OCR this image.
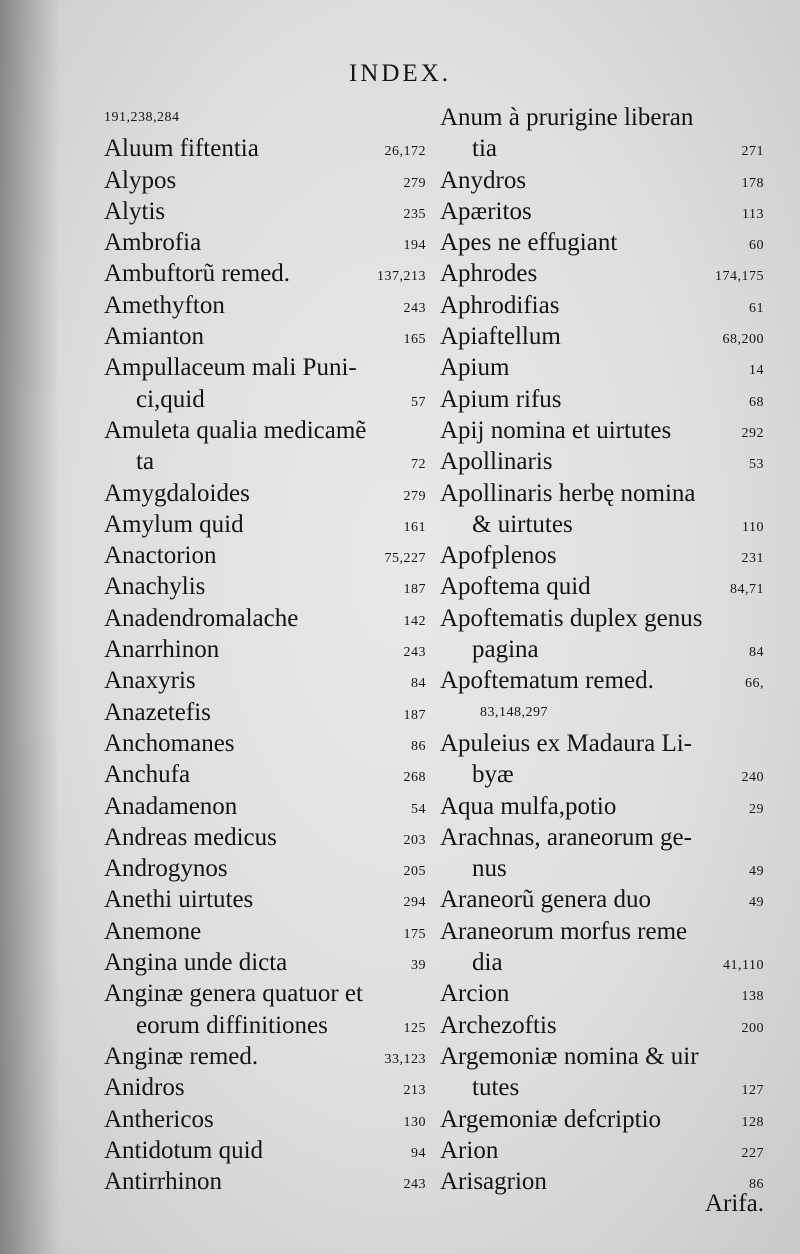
INDEX.
191,238,284
Aluum fiftentia	26,172
Alypos	279
Alytis	235
Ambrofia	194
Ambuftorũ remed.	137,213
Amethyfton	243
Amianton	165
Ampullaceum mali Puni-
ci,quid	57
Amuleta qualia medicamẽ
ta	72
Amygdaloides	279
Amylum quid	161
Anactorion	75,227
Anachylis	187
Anadendromalache	142
Anarrhinon	243
Anaxyris	84
Anazetefis	187
Anchomanes	86
Anchufa	268
Anadamenon	54
Andreas medicus	203
Androgynos	205
Anethi uirtutes	294
Anemone	175
Angina unde dicta	39
Anginæ genera quatuor et
eorum diffinitiones	125
Anginæ remed.	33,123
Anidros	213
Anthericos	130
Antidotum quid	94
Antirrhinon	243
Anum à prurigine liberan
tia	271
Anydros	178
Apæritos	113
Apes ne effugiant	60
Aphrodes	174,175
Aphrodifias	61
Apiaftellum	68,200
Apium	14
Apium rifus	68
Apij nomina et uirtutes	292
Apollinaris	53
Apollinaris herbę nomina
& uirtutes	110
Apofplenos	231
Apoftema quid	84,71
Apoftematis duplex genus
pagina	84
Apoftematum remed.	66,
83,148,297
Apuleius ex Madaura Li-
byæ	240
Aqua mulfa,potio	29
Arachnas, araneorum ge-
nus	49
Araneorũ genera duo	49
Araneorum morfus reme
dia	41,110
Arcion	138
Archezoftis	200
Argemoniæ nomina & uir
tutes	127
Argemoniæ defcriptio	128
Arion	227
Arisagrion	86
Arifa.
